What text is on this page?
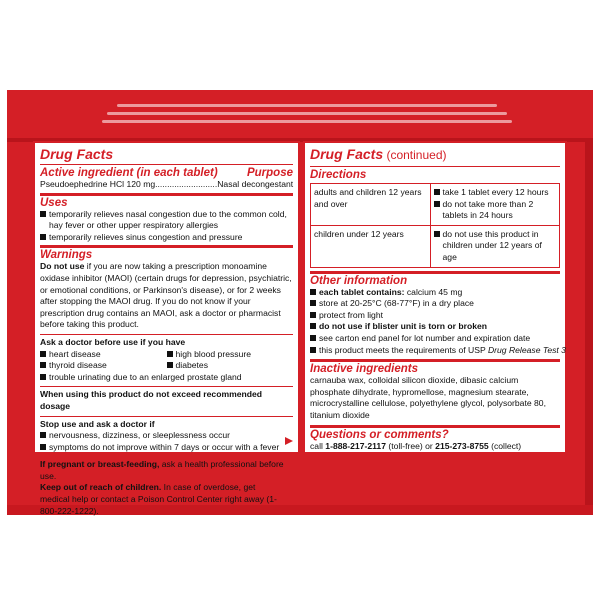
Drug Facts
Active ingredient (in each tablet)	Purpose
Pseudoephedrine HCl 120 mg..........................Nasal decongestant
Uses
temporarily relieves nasal congestion due to the common cold, hay fever or other upper respiratory allergies
temporarily relieves sinus congestion and pressure
Warnings
Do not use if you are now taking a prescription monoamine oxidase inhibitor (MAOI) (certain drugs for depression, psychiatric, or emotional conditions, or Parkinson's disease), or for 2 weeks after stopping the MAOI drug. If you do not know if your prescription drug contains an MAOI, ask a doctor or pharmacist before taking this product.
Ask a doctor before use if you have
heart disease	high blood pressure
thyroid disease	diabetes
trouble urinating due to an enlarged prostate gland
When using this product do not exceed recommended dosage
Stop use and ask a doctor if
nervousness, dizziness, or sleeplessness occur
symptoms do not improve within 7 days or occur with a fever
If pregnant or breast-feeding, ask a health professional before use.
Keep out of reach of children. In case of overdose, get medical help or contact a Poison Control Center right away (1-800-222-1222).
Drug Facts (continued)
Directions
adults and children 12 years and over	take 1 tablet every 12 hours
do not take more than 2 tablets in 24 hours

children under 12 years	do not use this product in children under 12 years of age
Other information
each tablet contains: calcium 45 mg
store at 20-25°C (68-77°F) in a dry place
protect from light
do not use if blister unit is torn or broken
see carton end panel for lot number and expiration date
this product meets the requirements of USP Drug Release Test 3
Inactive ingredients
carnauba wax, colloidal silicon dioxide, dibasic calcium phosphate dihydrate, hypromellose, magnesium stearate, microcrystalline cellulose, polyethylene glycol, polysorbate 80, titanium dioxide
Questions or comments?
call 1-888-217-2117 (toll-free) or 215-273-8755 (collect)
